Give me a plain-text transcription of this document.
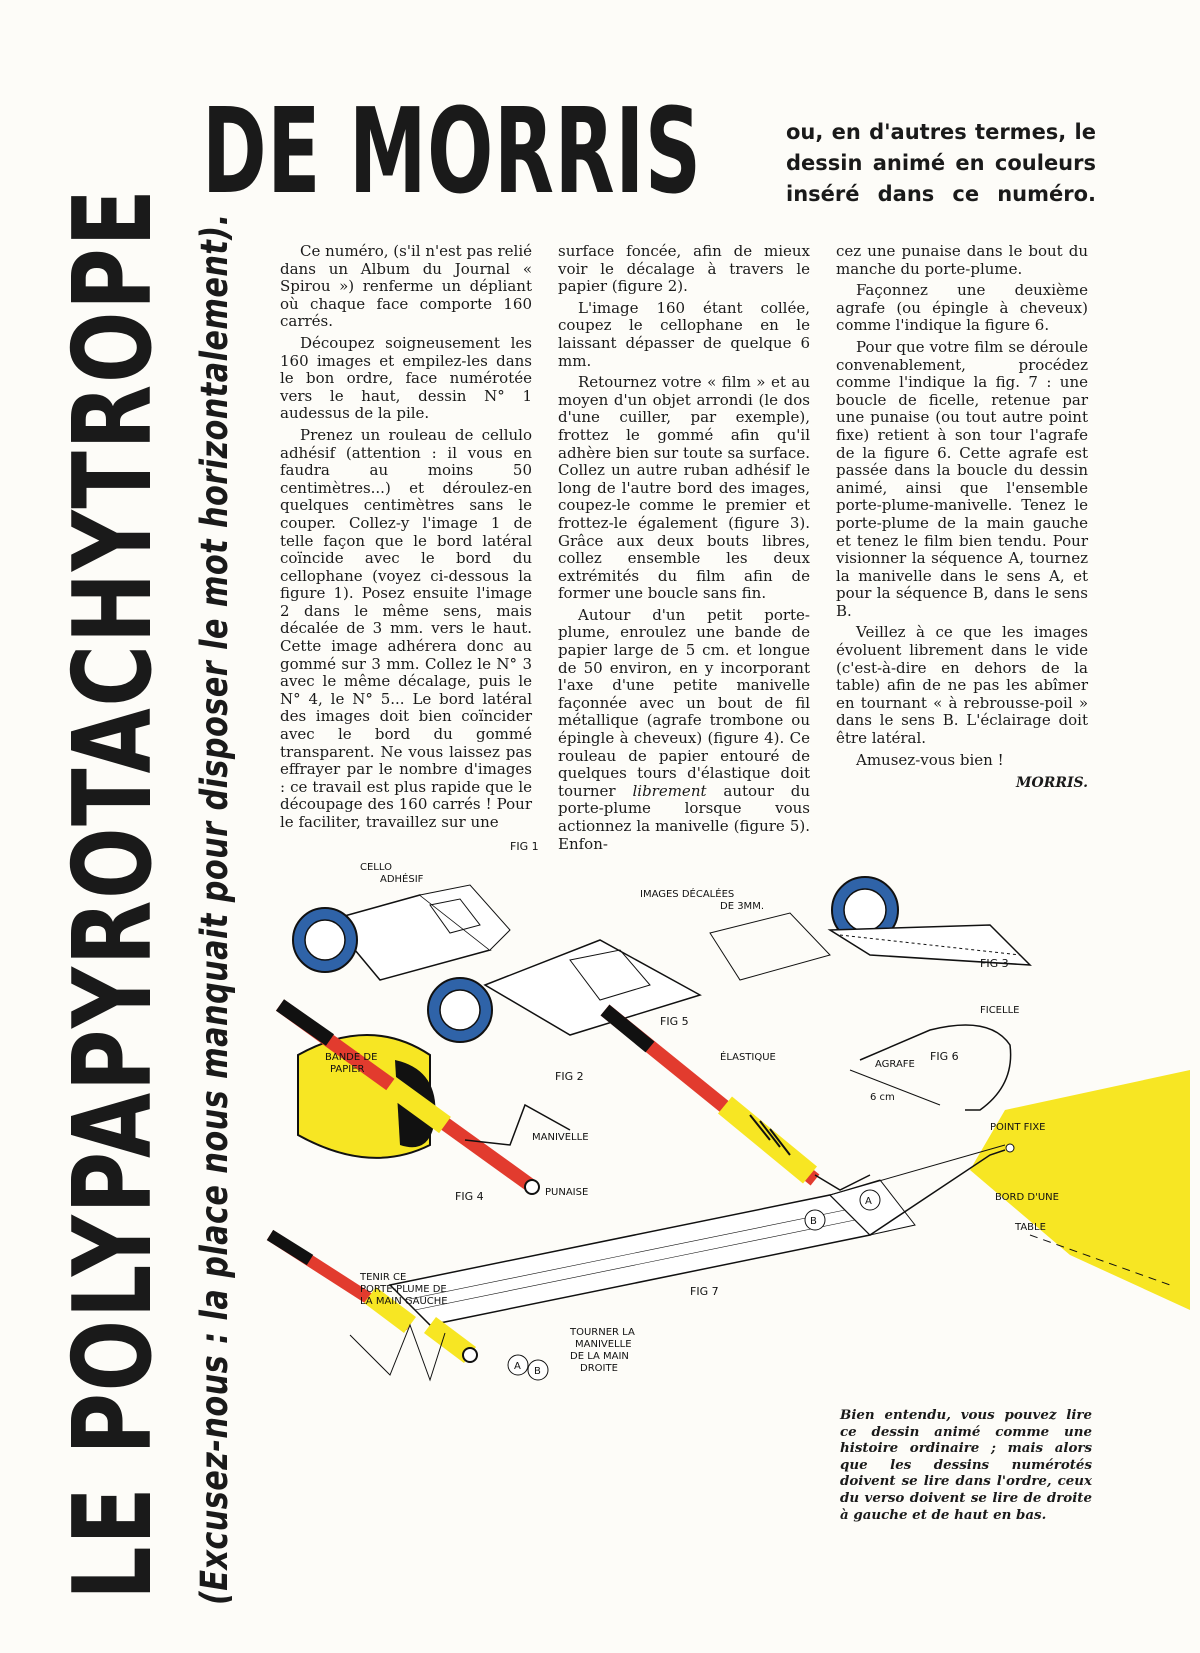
LE POLYPAPYROTACHYTROPE (Excusez-nous : la place nous manquait pour disposer le mot horizontalement).
DE MORRIS	ou, en d'autres termes, le dessin animé en couleurs inséré dans ce numéro.

Ce numéro, (s'il n'est pas relié dans un Album du Journal « Spirou ») renferme un dépliant où chaque face comporte 160 carrés.

Découpez soigneusement les 160 images et empilez-les dans le bon ordre, face numérotée vers le haut, dessin N° 1 audessus de la pile.

Prenez un rouleau de cellulo adhésif (attention : il vous en faudra au moins 50 centimètres...) et déroulez-en quelques centimètres sans le couper. Collez-y l'image 1 de telle façon que le bord latéral coïncide avec le bord du cellophane (voyez ci-dessous la figure 1). Posez ensuite l'image 2 dans le même sens, mais décalée de 3 mm. vers le haut. Cette image adhérera donc au gommé sur 3 mm. Collez le N° 3 avec le même décalage, puis le N° 4, le N° 5... Le bord latéral des images doit bien coïncider avec le bord du gommé transparent. Ne vous laissez pas effrayer par le nombre d'images : ce travail est plus rapide que le découpage des 160 carrés ! Pour le faciliter, travaillez sur une

surface foncée, afin de mieux voir le décalage à travers le papier (figure 2).

L'image 160 étant collée, coupez le cellophane en le laissant dépasser de quelque 6 mm.

Retournez votre « film » et au moyen d'un objet arrondi (le dos d'une cuiller, par exemple), frottez le gommé afin qu'il adhère bien sur toute sa surface. Collez un autre ruban adhésif le long de l'autre bord des images, coupez-le comme le premier et frottez-le également (figure 3). Grâce aux deux bouts libres, collez ensemble les deux extrémités du film afin de former une boucle sans fin.

Autour d'un petit porte-plume, enroulez une bande de papier large de 5 cm. et longue de 50 environ, en y incorporant l'axe d'une petite manivelle façonnée avec un bout de fil métallique (agrafe trombone ou épingle à cheveux) (figure 4). Ce rouleau de papier entouré de quelques tours d'élastique doit tourner librement autour du porte-plume lorsque vous actionnez la manivelle (figure 5). Enfon-

cez une punaise dans le bout du manche du porte-plume.

Façonnez une deuxième agrafe (ou épingle à cheveux) comme l'indique la figure 6.

Pour que votre film se déroule convenablement, procédez comme l'indique la fig. 7 : une boucle de ficelle, retenue par une punaise (ou tout autre point fixe) retient à son tour l'agrafe de la figure 6. Cette agrafe est passée dans la boucle du dessin animé, ainsi que l'ensemble porte-plume-manivelle. Tenez le porte-plume de la main gauche et tenez le film bien tendu. Pour visionner la séquence A, tournez la manivelle dans le sens A, et pour la séquence B, dans le sens B.

Veillez à ce que les images évoluent librement dans le vide (c'est-à-dire en dehors de la table) afin de ne pas les abîmer en tournant « à rebrousse-poil » dans le sens B. L'éclairage doit être latéral.

Amusez-vous bien !

MORRIS.

FIG 1
CELLO
ADHÉSIF
FIG 2
IMAGES DÉCALÉES
DE 3MM.
FIG 3
BANDE DE
PAPIER
MANIVELLE
FIG 4	PUNAISE
FIG 5
ÉLASTIQUE
FICELLE
FIG 6
AGRAFE
6 cm
POINT FIXE
BORD D'UNE
TABLE
B
A
A B
TENIR CE
PORTE-PLUME DE
LA MAIN GAUCHE
FIG 7
TOURNER LA
MANIVELLE
DE LA MAIN
DROITE
Bien entendu, vous pouvez lire ce dessin animé comme une histoire ordinaire ; mais alors que les dessins numérotés doivent se lire dans l'ordre, ceux du verso doivent se lire de droite à gauche et de haut en bas.
